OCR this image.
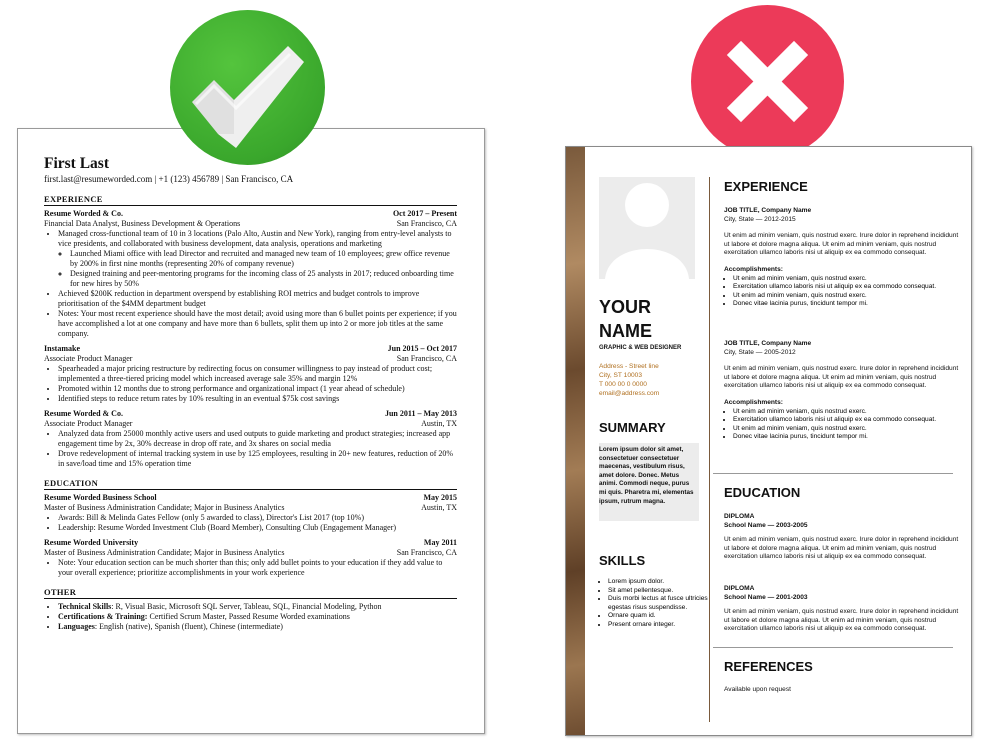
First Last
first.last@resumeworded.com | +1 (123) 456789 | San Francisco, CA
EXPERIENCE
Resume Worded & Co.	Oct 2017 – Present
Financial Data Analyst, Business Development & Operations	San Francisco, CA
• Managed cross-functional team of 10 in 3 locations (Palo Alto, Austin and New York), ranging from entry-level analysts to vice presidents, and collaborated with business development, data analysis, operations and marketing
◦ Launched Miami office with lead Director and recruited and managed new team of 10 employees; grew office revenue by 200% in first nine months (representing 20% of company revenue)
◦ Designed training and peer-mentoring programs for the incoming class of 25 analysts in 2017; reduced onboarding time for new hires by 50%
• Achieved $200K reduction in department overspend by establishing ROI metrics and budget controls to improve prioritisation of the $4MM department budget
• Notes: Your most recent experience should have the most detail; avoid using more than 6 bullet points per experience; if you have accomplished a lot at one company and have more than 6 bullets, split them up into 2 or more job titles at the same company.
Instamake	Jun 2015 – Oct 2017
Associate Product Manager	San Francisco, CA
• Spearheaded a major pricing restructure by redirecting focus on consumer willingness to pay instead of product cost; implemented a three-tiered pricing model which increased average sale 35% and margin 12%
• Promoted within 12 months due to strong performance and organizational impact (1 year ahead of schedule)
• Identified steps to reduce return rates by 10% resulting in an eventual $75k cost savings
Resume Worded & Co.	Jun 2011 – May 2013
Associate Product Manager	Austin, TX
• Analyzed data from 25000 monthly active users and used outputs to guide marketing and product strategies; increased app engagement time by 2x, 30% decrease in drop off rate, and 3x shares on social media
• Drove redevelopment of internal tracking system in use by 125 employees, resulting in 20+ new features, reduction of 20% in save/load time and 15% operation time
EDUCATION
Resume Worded Business School	May 2015
Master of Business Administration Candidate; Major in Business Analytics	Austin, TX
• Awards: Bill & Melinda Gates Fellow (only 5 awarded to class), Director's List 2017 (top 10%)
• Leadership: Resume Worded Investment Club (Board Member), Consulting Club (Engagement Manager)
Resume Worded University	May 2011
Master of Business Administration Candidate; Major in Business Analytics	San Francisco, CA
• Note: Your education section can be much shorter than this; only add bullet points to your education if they add value to your overall experience; prioritize accomplishments in your work experience
OTHER
• Technical Skills: R, Visual Basic, Microsoft SQL Server, Tableau, SQL, Financial Modeling, Python
• Certifications & Training: Certified Scrum Master, Passed Resume Worded examinations
• Languages: English (native), Spanish (fluent), Chinese (intermediate)
YOUR
NAME
GRAPHIC & WEB DESIGNER
Address - Street line
City, ST 10003
T 000 00 0 0000
email@address.com
SUMMARY
Lorem ipsum dolor sit amet, consectetuer consectetuer maecenas, vestibulum risus, amet dolore. Donec. Metus animi. Commodi neque, purus mi quis. Pharetra mi, elementas ipsum, rutrum magna.
SKILLS
• Lorem ipsum dolor.
• Sit amet pellentesque.
• Duis morbi lectus at fusce ultricies egestas risus suspendisse.
• Ornare quam id.
• Present ornare integer.
EXPERIENCE
JOB TITLE, Company Name
City, State — 2012-2015
Ut enim ad minim veniam, quis nostrud exerc. Irure dolor in reprehend incididunt ut labore et dolore magna aliqua. Ut enim ad minim veniam, quis nostrud exercitation ullamco laboris nisi ut aliquip ex ea commodo consequat.
Accomplishments:
• Ut enim ad minim veniam, quis nostrud exerc.
• Exercitation ullamco laboris nisi ut aliquip ex ea commodo consequat.
• Ut enim ad minim veniam, quis nostrud exerc.
• Donec vitae lacinia purus, tincidunt tempor mi.
JOB TITLE, Company Name
City, State — 2005-2012
Ut enim ad minim veniam, quis nostrud exerc. Irure dolor in reprehend incididunt ut labore et dolore magna aliqua. Ut enim ad minim veniam, quis nostrud exercitation ullamco laboris nisi ut aliquip ex ea commodo consequat.
Accomplishments:
• Ut enim ad minim veniam, quis nostrud exerc.
• Exercitation ullamco laboris nisi ut aliquip ex ea commodo consequat.
• Ut enim ad minim veniam, quis nostrud exerc.
• Donec vitae lacinia purus, tincidunt tempor mi.
EDUCATION
DIPLOMA
School Name — 2003-2005
Ut enim ad minim veniam, quis nostrud exerc. Irure dolor in reprehend incididunt ut labore et dolore magna aliqua. Ut enim ad minim veniam, quis nostrud exercitation ullamco laboris nisi ut aliquip ex ea commodo consequat.
DIPLOMA
School Name — 2001-2003
Ut enim ad minim veniam, quis nostrud exerc. Irure dolor in reprehend incididunt ut labore et dolore magna aliqua. Ut enim ad minim veniam, quis nostrud exercitation ullamco laboris nisi ut aliquip ex ea commodo consequat.
REFERENCES
Available upon request
